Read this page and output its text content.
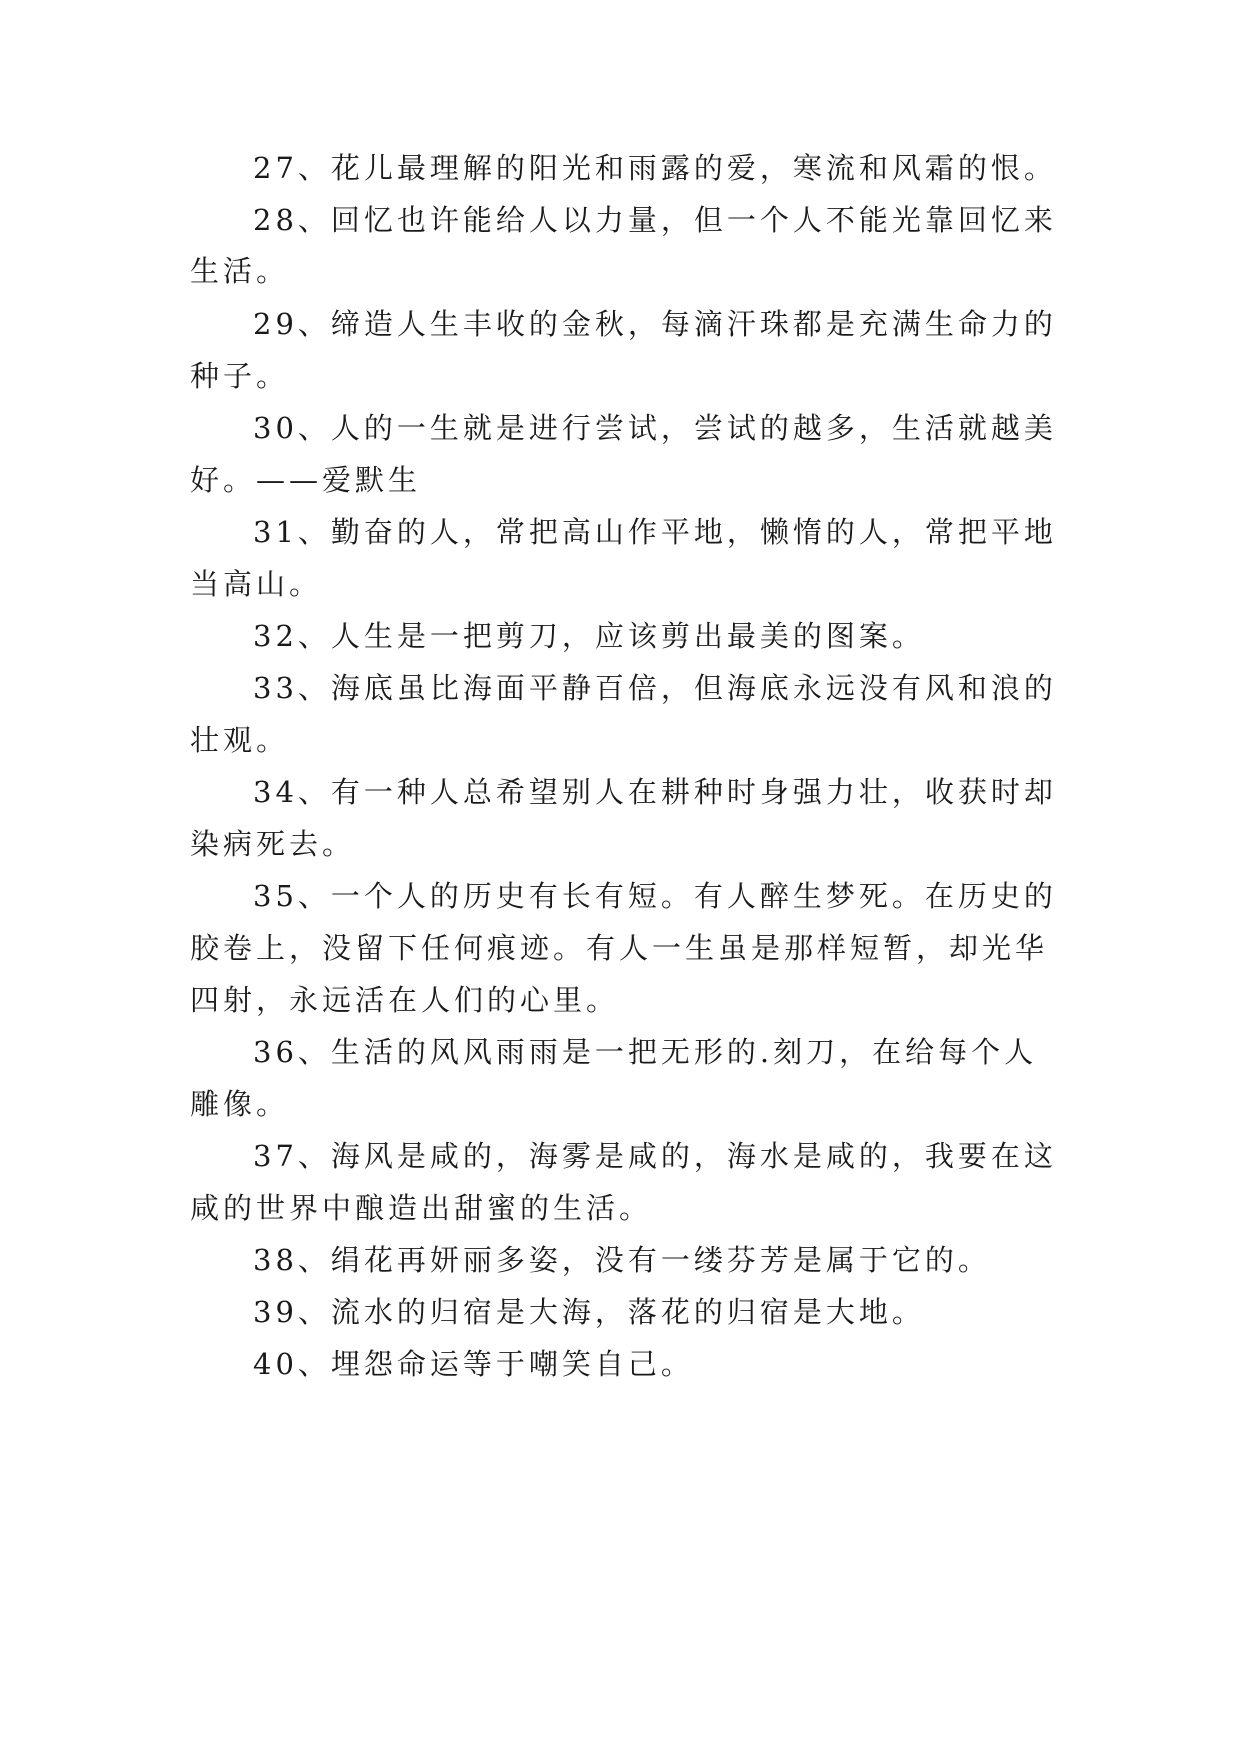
27、花儿最理解的阳光和雨露的爱，寒流和风霜的恨。
28、回忆也许能给人以力量，但一个人不能光靠回忆来
生活。
29、缔造人生丰收的金秋，每滴汗珠都是充满生命力的
种子。
30、人的一生就是进行尝试，尝试的越多，生活就越美
好。——爱默生
31、勤奋的人，常把高山作平地，懒惰的人，常把平地
当高山。
32、人生是一把剪刀，应该剪出最美的图案。
33、海底虽比海面平静百倍，但海底永远没有风和浪的
壮观。
34、有一种人总希望别人在耕种时身强力壮，收获时却
染病死去。
35、一个人的历史有长有短。有人醉生梦死。在历史的
胶卷上，没留下任何痕迹。有人一生虽是那样短暂，却光华
四射，永远活在人们的心里。
36、生活的风风雨雨是一把无形的.刻刀，在给每个人
雕像。
37、海风是咸的，海雾是咸的，海水是咸的，我要在这
咸的世界中酿造出甜蜜的生活。
38、绢花再妍丽多姿，没有一缕芬芳是属于它的。
39、流水的归宿是大海，落花的归宿是大地。
40、埋怨命运等于嘲笑自己。
